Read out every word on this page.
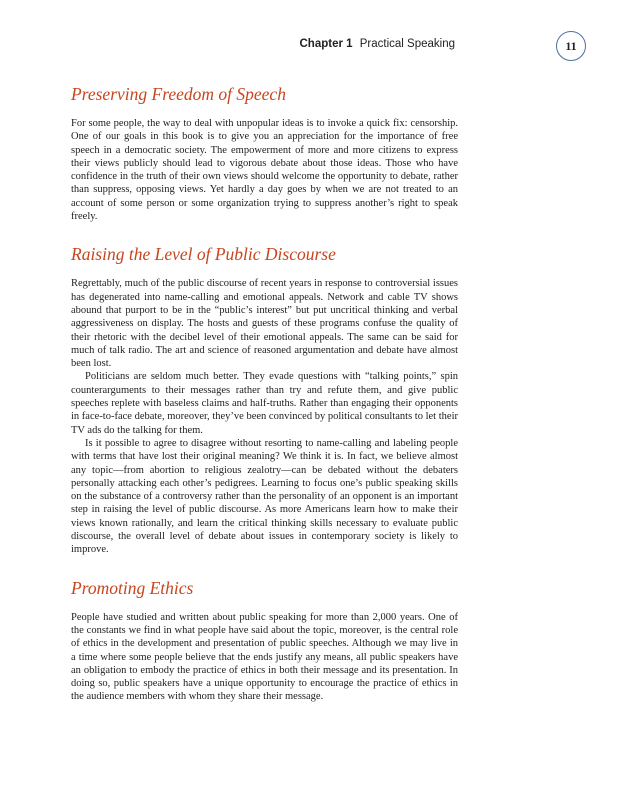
Chapter 1 Practical Speaking	11
Preserving Freedom of Speech

For some people, the way to deal with unpopular ideas is to invoke a quick fix: censorship. One of our goals in this book is to give you an appreciation for the importance of free speech in a democratic society. The empowerment of more and more citizens to express their views publicly should lead to vigorous debate about those ideas. Those who have confidence in the truth of their own views should welcome the opportunity to debate, rather than suppress, opposing views. Yet hardly a day goes by when we are not treated to an account of some person or some organization trying to suppress another’s right to speak freely.

Raising the Level of Public Discourse

Regrettably, much of the public discourse of recent years in response to controversial issues has degenerated into name-calling and emotional appeals. Network and cable TV shows abound that purport to be in the “public’s interest” but put uncritical thinking and verbal aggressiveness on display. The hosts and guests of these programs confuse the quality of their rhetoric with the decibel level of their emotional appeals. The same can be said for much of talk radio. The art and science of reasoned argumentation and debate have almost been lost.

Politicians are seldom much better. They evade questions with “talking points,” spin counterarguments to their messages rather than try and refute them, and give public speeches replete with baseless claims and half-truths. Rather than engaging their opponents in face-to-face debate, moreover, they’ve been convinced by political consultants to let their TV ads do the talking for them.

Is it possible to agree to disagree without resorting to name-calling and labeling people with terms that have lost their original meaning? We think it is. In fact, we believe almost any topic—from abortion to religious zealotry—can be debated without the debaters personally attacking each other’s pedigrees. Learning to focus one’s public speaking skills on the substance of a controversy rather than the personality of an opponent is an important step in raising the level of public discourse. As more Americans learn how to make their views known rationally, and learn the critical thinking skills necessary to evaluate public discourse, the overall level of debate about issues in contemporary society is likely to improve.

Promoting Ethics

People have studied and written about public speaking for more than 2,000 years. One of the constants we find in what people have said about the topic, moreover, is the central role of ethics in the development and presentation of public speeches. Although we may live in a time where some people believe that the ends justify any means, all public speakers have an obligation to embody the practice of ethics in both their message and its presentation. In doing so, public speakers have a unique opportunity to encourage the practice of ethics in the audience members with whom they share their message.
